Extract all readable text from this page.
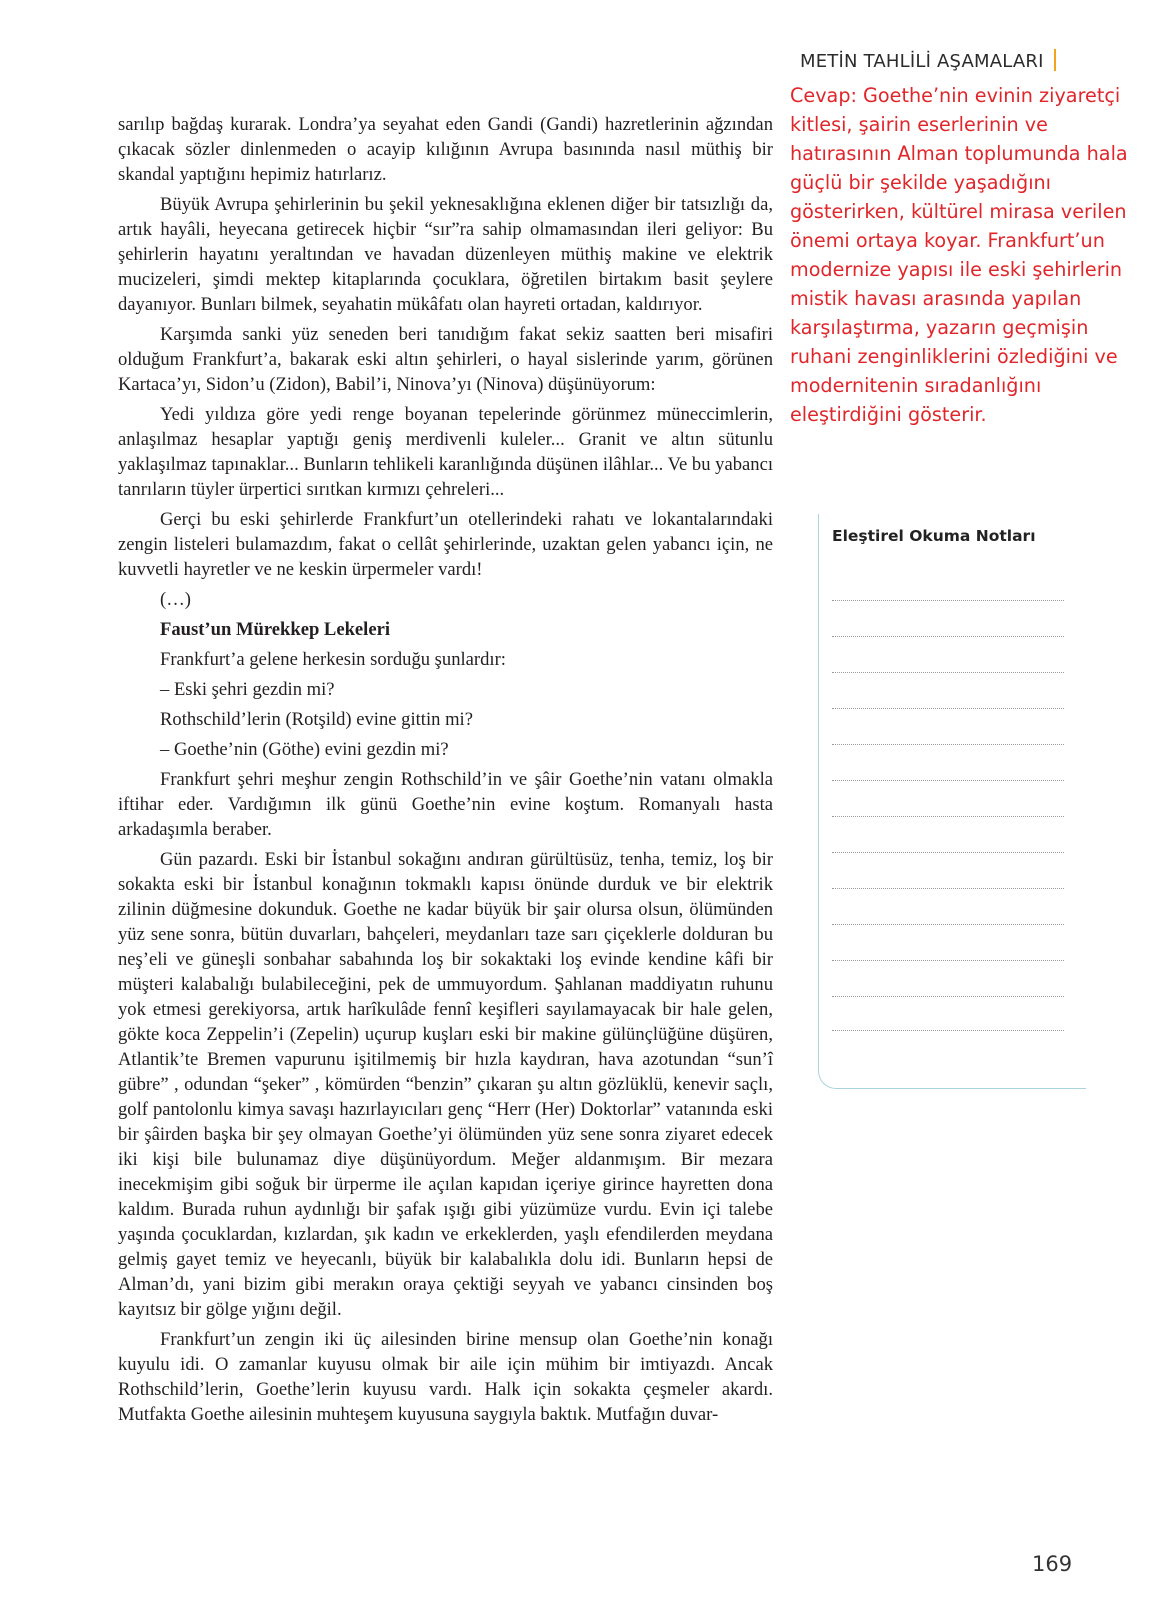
METİN TAHLİLİ AŞAMALARI
Cevap: Goethe’nin evinin ziyaretçi kitlesi, şairin eserlerinin ve hatırasının Alman toplumunda hala güçlü bir şekilde yaşadığını gösterirken, kültürel mirasa verilen önemi ortaya koyar. Frankfurt’un modernize yapısı ile eski şehirlerin mistik havası arasında yapılan karşılaştırma, yazarın geçmişin ruhani zenginliklerini özlediğini ve modernitenin sıradanlığını eleştirdiğini gösterir.

sarılıp bağdaş kurarak. Londra’ya seyahat eden Gandi (Gandi) hazretlerinin ağzından çıkacak sözler dinlenmeden o acayip kılığının Avrupa basınında nasıl müthiş bir skandal yaptığını hepimiz hatırlarız.

Büyük Avrupa şehirlerinin bu şekil yeknesaklığına eklenen diğer bir tatsızlığı da, artık hayâli, heyecana getirecek hiçbir “sır”ra sahip olmamasından ileri geliyor: Bu şehirlerin hayatını yeraltından ve havadan düzenleyen müthiş makine ve elektrik mucizeleri, şimdi mektep kitaplarında çocuklara, öğretilen birtakım basit şeylere dayanıyor. Bunları bilmek, seyahatin mükâfatı olan hayreti ortadan, kaldırıyor.

Karşımda sanki yüz seneden beri tanıdığım fakat sekiz saatten beri misafiri olduğum Frankfurt’a, bakarak eski altın şehirleri, o hayal sislerinde yarım, görünen Kartaca’yı, Sidon’u (Zidon), Babil’i, Ninova’yı (Ninova) düşünüyorum:

Yedi yıldıza göre yedi renge boyanan tepelerinde görünmez müneccimlerin, anlaşılmaz hesaplar yaptığı geniş merdivenli kuleler... Granit ve altın sütunlu yaklaşılmaz tapınaklar... Bunların tehlikeli karanlığında düşünen ilâhlar... Ve bu yabancı tanrıların tüyler ürpertici sırıtkan kırmızı çehreleri...

Gerçi bu eski şehirlerde Frankfurt’un otellerindeki rahatı ve lokantalarındaki zengin listeleri bulamazdım, fakat o cellât şehirlerinde, uzaktan gelen yabancı için, ne kuvvetli hayretler ve ne keskin ürpermeler vardı!

(…)

Faust’un Mürekkep Lekeleri

Frankfurt’a gelene herkesin sorduğu şunlardır:

– Eski şehri gezdin mi?

Rothschild’lerin (Rotşild) evine gittin mi?

– Goethe’nin (Göthe) evini gezdin mi?

Frankfurt şehri meşhur zengin Rothschild’in ve şâir Goethe’nin vatanı olmakla iftihar eder. Vardığımın ilk günü Goethe’nin evine koştum. Romanyalı hasta arkadaşımla beraber.

Gün pazardı. Eski bir İstanbul sokağını andıran gürültüsüz, tenha, temiz, loş bir sokakta eski bir İstanbul konağının tokmaklı kapısı önünde durduk ve bir elektrik zilinin düğmesine dokunduk. Goethe ne kadar büyük bir şair olursa olsun, ölümünden yüz sene sonra, bütün duvarları, bahçeleri, meydanları taze sarı çiçeklerle dolduran bu neş’eli ve güneşli sonbahar sabahında loş bir sokaktaki loş evinde kendine kâfi bir müşteri kalabalığı bulabileceğini, pek de ummuyordum. Şahlanan maddiyatın ruhunu yok etmesi gerekiyorsa, artık harîkulâde fennî keşifleri sayılamayacak bir hale gelen, gökte koca Zeppelin’i (Zepelin) uçurup kuşları eski bir makine gülünçlüğüne düşüren, Atlantik’te Bremen vapurunu işitilmemiş bir hızla kaydıran, hava azotundan “sun’î gübre” , odundan “şeker” , kömürden “benzin” çıkaran şu altın gözlüklü, kenevir saçlı, golf pantolonlu kimya savaşı hazırlayıcıları genç “Herr (Her) Doktorlar” vatanında eski bir şâirden başka bir şey olmayan Goethe’yi ölümünden yüz sene sonra ziyaret edecek iki kişi bile bulunamaz diye düşünüyordum. Meğer aldanmışım. Bir mezara inecekmişim gibi soğuk bir ürperme ile açılan kapıdan içeriye girince hayretten dona kaldım. Burada ruhun aydınlığı bir şafak ışığı gibi yüzümüze vurdu. Evin içi talebe yaşında çocuklardan, kızlardan, şık kadın ve erkeklerden, yaşlı efendilerden meydana gelmiş gayet temiz ve heyecanlı, büyük bir kalabalıkla dolu idi. Bunların hepsi de Alman’dı, yani bizim gibi merakın oraya çektiği seyyah ve yabancı cinsinden boş kayıtsız bir gölge yığını değil.

Frankfurt’un zengin iki üç ailesinden birine mensup olan Goethe’nin konağı kuyulu idi. O zamanlar kuyusu olmak bir aile için mühim bir imtiyazdı. Ancak Rothschild’lerin, Goethe’lerin kuyusu vardı. Halk için sokakta çeşmeler akardı. Mutfakta Goethe ailesinin muhteşem kuyusuna saygıyla baktık. Mutfağın duvar-

Eleştirel Okuma Notları
169
